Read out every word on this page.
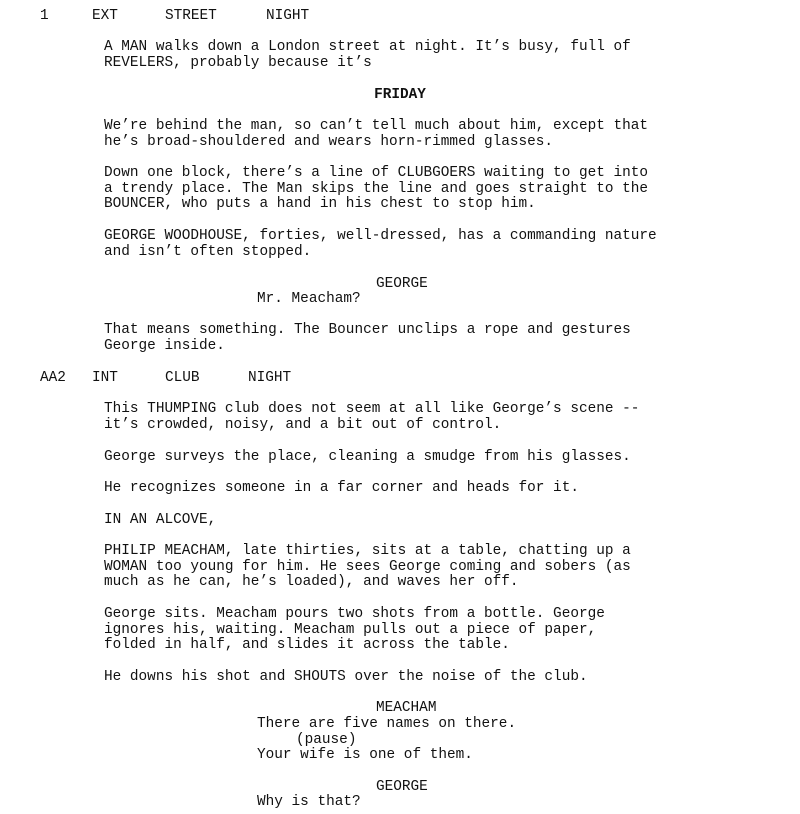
1	EXT	STREET	NIGHT
A MAN walks down a London street at night. It’s busy, full of
REVELERS, probably because it’s
FRIDAY
We’re behind the man, so can’t tell much about him, except that
he’s broad-shouldered and wears horn-rimmed glasses.
Down one block, there’s a line of CLUBGOERS waiting to get into
a trendy place. The Man skips the line and goes straight to the
BOUNCER, who puts a hand in his chest to stop him.
GEORGE WOODHOUSE, forties, well-dressed, has a commanding nature
and isn’t often stopped.
GEORGE
Mr. Meacham?
That means something. The Bouncer unclips a rope and gestures
George inside.
AA2 INT	CLUB	NIGHT
This THUMPING club does not seem at all like George’s scene --
it’s crowded, noisy, and a bit out of control.
George surveys the place, cleaning a smudge from his glasses.
He recognizes someone in a far corner and heads for it.
IN AN ALCOVE,
PHILIP MEACHAM, late thirties, sits at a table, chatting up a
WOMAN too young for him. He sees George coming and sobers (as
much as he can, he’s loaded), and waves her off.
George sits. Meacham pours two shots from a bottle. George
ignores his, waiting. Meacham pulls out a piece of paper,
folded in half, and slides it across the table.
He downs his shot and SHOUTS over the noise of the club.
MEACHAM
There are five names on there.
(pause)
Your wife is one of them.
GEORGE
Why is that?
